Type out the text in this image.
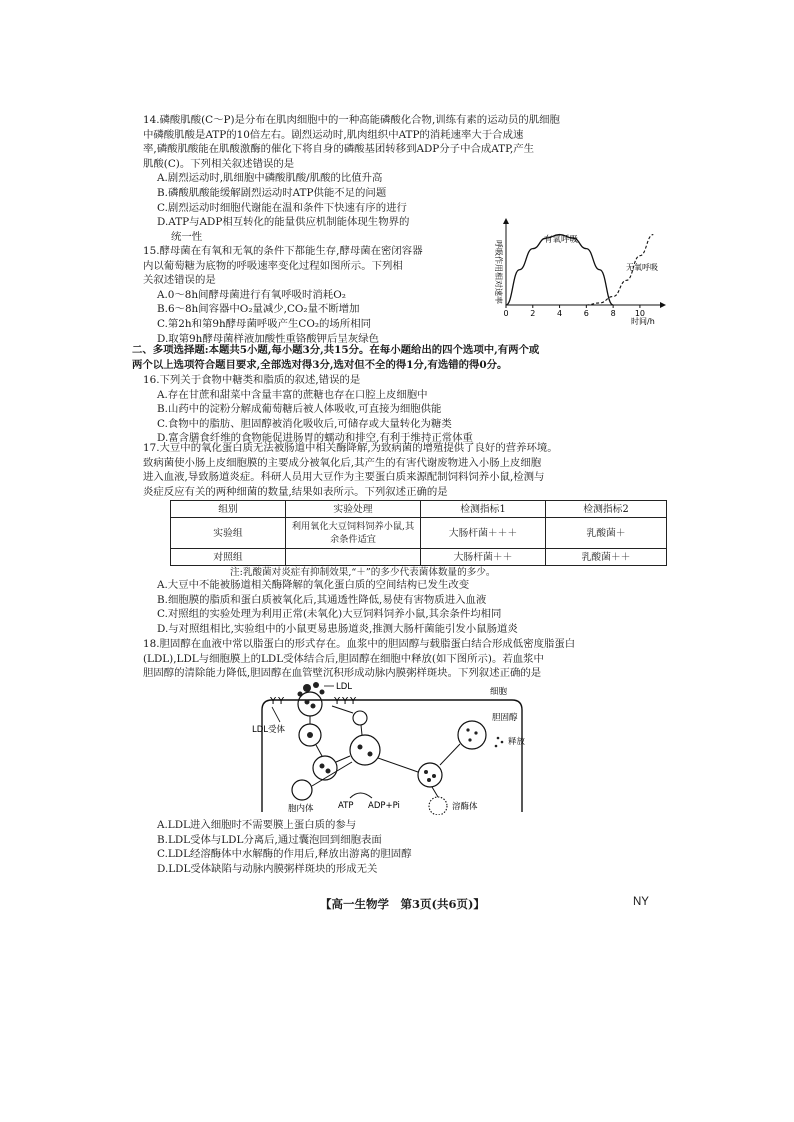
14.磷酸肌酸(C～P)是分布在肌肉细胞中的一种高能磷酸化合物,训练有素的运动员的肌细胞
中磷酸肌酸是ATP的10倍左右。剧烈运动时,肌肉组织中ATP的消耗速率大于合成速
率,磷酸肌酸能在肌酸激酶的催化下将自身的磷酸基团转移到ADP分子中合成ATP,产生
肌酸(C)。下列相关叙述错误的是
A.剧烈运动时,肌细胞中磷酸肌酸/肌酸的比值升高
B.磷酸肌酸能缓解剧烈运动时ATP供能不足的问题
C.剧烈运动时细胞代谢能在温和条件下快速有序的进行
D.ATP与ADP相互转化的能量供应机制能体现生物界的
统一性
15.酵母菌在有氧和无氧的条件下都能生存,酵母菌在密闭容器
内以葡萄糖为底物的呼吸速率变化过程如图所示。下列相
关叙述错误的是
A.0～8h间酵母菌进行有氧呼吸时消耗O₂
B.6～8h间容器中O₂量减少,CO₂量不断增加
C.第2h和第9h酵母菌呼吸产生CO₂的场所相同
D.取第9h酵母菌样液加酸性重铬酸钾后呈灰绿色
呼吸作用相对速率
0	2	4	6	8 10
有氧呼吸
无氧呼吸
时间/h
二、多项选择题:本题共5小题,每小题3分,共15分。在每小题给出的四个选项中,有两个或
两个以上选项符合题目要求,全部选对得3分,选对但不全的得1分,有选错的得0分。
16.下列关于食物中糖类和脂质的叙述,错误的是
A.存在甘蔗和甜菜中含量丰富的蔗糖也存在口腔上皮细胞中
B.山药中的淀粉分解成葡萄糖后被人体吸收,可直接为细胞供能
C.食物中的脂肪、胆固醇被消化吸收后,可储存或大量转化为糖类
D.富含膳食纤维的食物能促进肠胃的蠕动和排空,有利于维持正常体重
17.大豆中的氧化蛋白质无法被肠道中相关酶降解,为致病菌的增殖提供了良好的营养环境。
致病菌使小肠上皮细胞膜的主要成分被氧化后,其产生的有害代谢废物进入小肠上皮细胞
进入血液,导致肠道炎症。科研人员用大豆作为主要蛋白质来源配制饲料饲养小鼠,检测与
炎症反应有关的两种细菌的数量,结果如表所示。下列叙述正确的是
组别	实验处理	检测指标1	检测指标2
实验组	利用氧化大豆饲料饲养小鼠,其余条件适宜	大肠杆菌＋＋＋	乳酸菌＋
对照组		大肠杆菌＋＋	乳酸菌＋＋
注:乳酸菌对炎症有抑制效果,“＋”的多少代表菌体数量的多少。
A.大豆中不能被肠道相关酶降解的氧化蛋白质的空间结构已发生改变
B.细胞膜的脂质和蛋白质被氧化后,其通透性降低,易使有害物质进入血液
C.对照组的实验处理为利用正常(未氧化)大豆饲料饲养小鼠,其余条件均相同
D.与对照组相比,实验组中的小鼠更易患肠道炎,推测大肠杆菌能引发小鼠肠道炎
18.胆固醇在血液中常以脂蛋白的形式存在。血浆中的胆固醇与载脂蛋白结合形成低密度脂蛋白
(LDL),LDL与细胞膜上的LDL受体结合后,胆固醇在细胞中释放(如下图所示)。若血浆中
胆固醇的清除能力降低,胆固醇在血管壁沉积形成动脉内膜粥样斑块。下列叙述正确的是
细胞
LDL
Y Y	Y Y Y
LDL受体
胞内体	溶酶体
胆固醇
释放
ATP ADP+Pi
A.LDL进入细胞时不需要膜上蛋白质的参与
B.LDL受体与LDL分离后,通过囊泡回到细胞表面
C.LDL经溶酶体中水解酶的作用后,释放出游离的胆固醇
D.LDL受体缺陷与动脉内膜粥样斑块的形成无关
【高一生物学　第3页(共6页)】	NY
